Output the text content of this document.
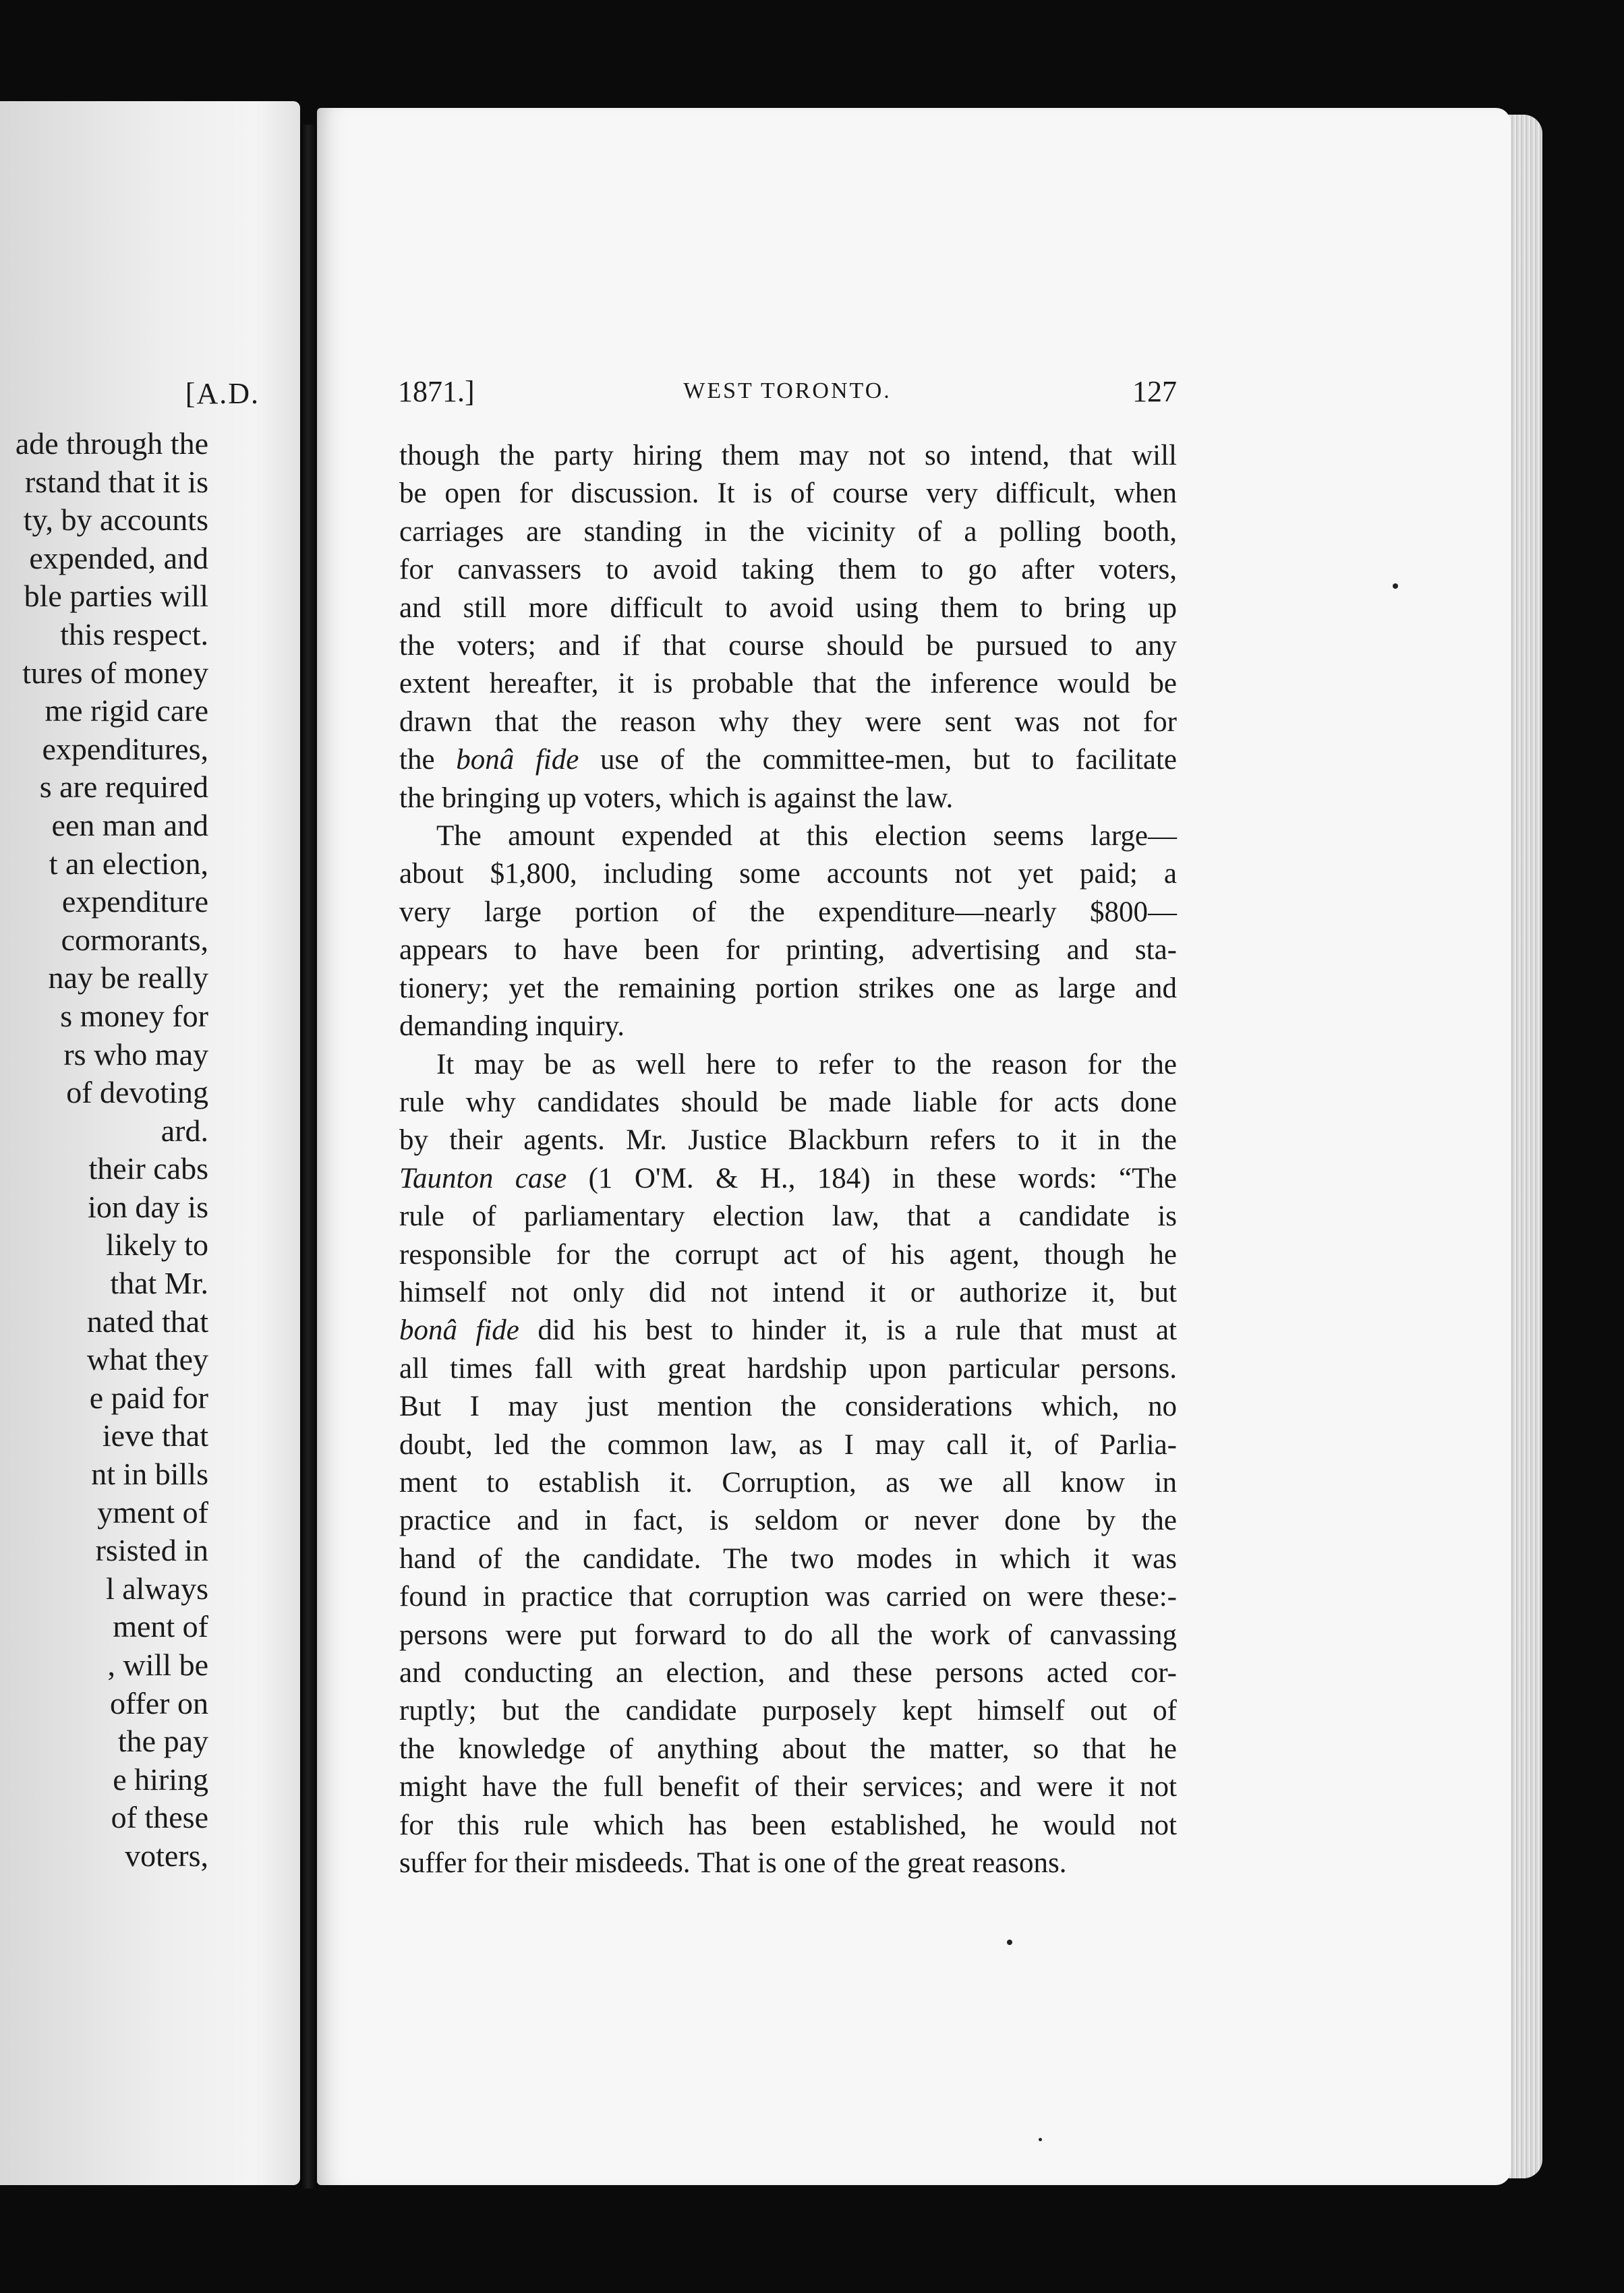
[A.D.
ade through the
rstand that it is
ty, by accounts
expended, and
ble parties will
this respect.
tures of money
me rigid care
expenditures,
s are required
een man and
t an election,
expenditure
cormorants,
nay be really
s money for
rs who may
of devoting
ard.
their cabs
ion day is
likely to
that Mr.
nated that
what they
e paid for
ieve that
nt in bills
yment of
rsisted in
l always
ment of
, will be
offer on
the pay
e hiring
of these
voters,
1871.]	WEST TORONTO.	127
though the party hiring them may not so intend, that will
be open for discussion. It is of course very difficult, when
carriages are standing in the vicinity of a polling booth,
for canvassers to avoid taking them to go after voters,
and still more difficult to avoid using them to bring up
the voters; and if that course should be pursued to any
extent hereafter, it is probable that the inference would be
drawn that the reason why they were sent was not for
the bonâ fide use of the committee-men, but to facilitate
the bringing up voters, which is against the law.
The amount expended at this election seems large—
about $1,800, including some accounts not yet paid; a
very large portion of the expenditure—nearly $800—
appears to have been for printing, advertising and sta-
tionery; yet the remaining portion strikes one as large and
demanding inquiry.
It may be as well here to refer to the reason for the
rule why candidates should be made liable for acts done
by their agents. Mr. Justice Blackburn refers to it in the
Taunton case (1 O'M. & H., 184) in these words: “The
rule of parliamentary election law, that a candidate is
responsible for the corrupt act of his agent, though he
himself not only did not intend it or authorize it, but
bonâ fide did his best to hinder it, is a rule that must at
all times fall with great hardship upon particular persons.
But I may just mention the considerations which, no
doubt, led the common law, as I may call it, of Parlia-
ment to establish it. Corruption, as we all know in
practice and in fact, is seldom or never done by the
hand of the candidate. The two modes in which it was
found in practice that corruption was carried on were these:-
persons were put forward to do all the work of canvassing
and conducting an election, and these persons acted cor-
ruptly; but the candidate purposely kept himself out of
the knowledge of anything about the matter, so that he
might have the full benefit of their services; and were it not
for this rule which has been established, he would not
suffer for their misdeeds. That is one of the great reasons.
